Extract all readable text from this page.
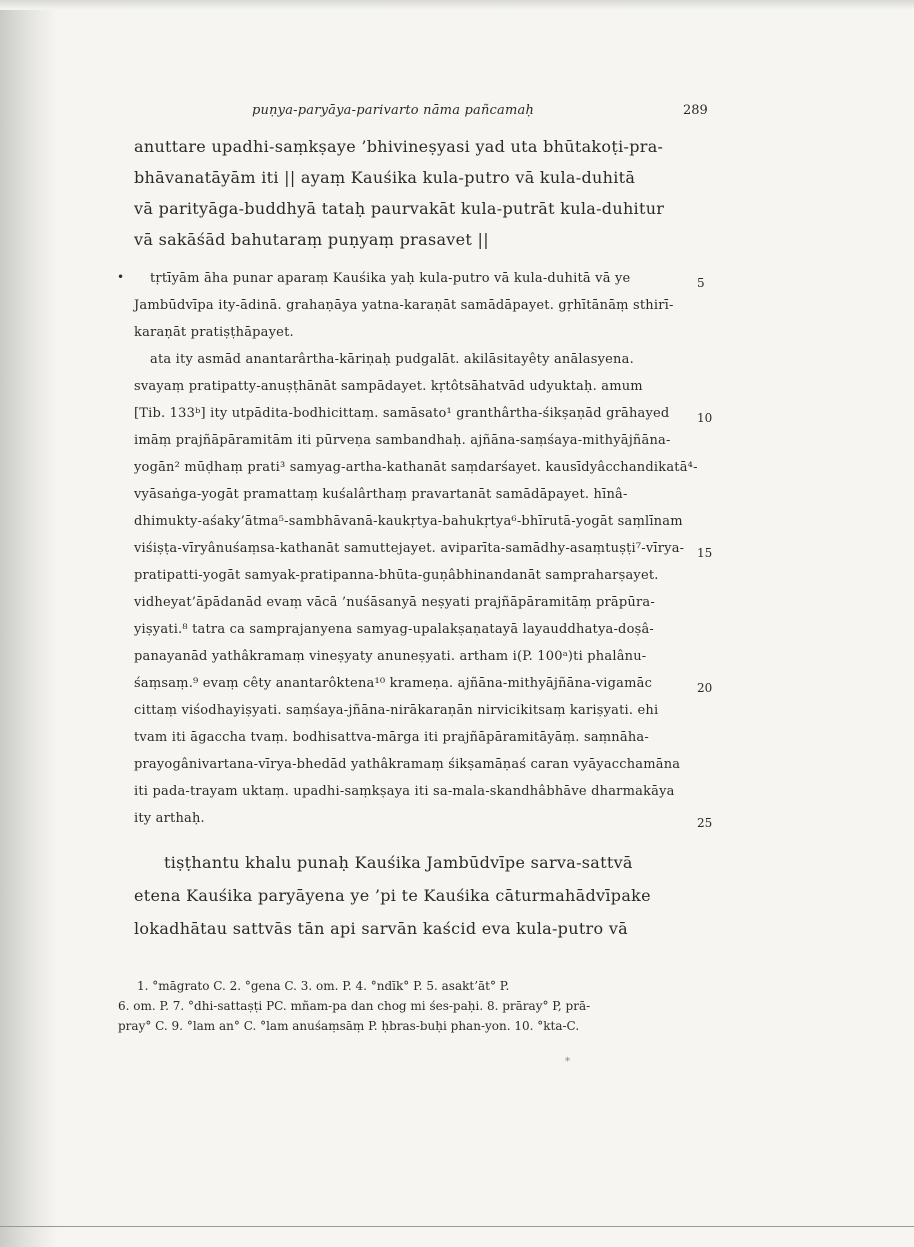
puṇya-paryāya-parivarto nāma pañcamaḥ	289
anuttare upadhi-saṃkṣaye ’bhivineṣyasi yad uta bhūtakoṭi-pra-
bhāvanatāyām iti || ayaṃ Kauśika kula-putro vā kula-duhitā
vā parityāga-buddhyā tataḥ paurvakāt kula-putrāt kula-duhitur
vā sakāśād bahutaraṃ puṇyaṃ prasavet ||
• tṛtīyām āha punar aparaṃ Kauśika yaḥ kula-putro vā kula-duhitā vā ye
Jambūdvīpa ity-ādinā. grahaṇāya yatna-karaṇāt samādāpayet. gṛhītānāṃ sthirī-
karaṇāt pratiṣṭhāpayet.
ata ity asmād anantarârtha-kāriṇaḥ pudgalāt. akilāsitayêty anālasyena.
svayaṃ pratipatty-anuṣṭhānāt sampādayet. kṛtôtsāhatvād udyuktaḥ. amum
[Tib. 133ᵇ] ity utpādita-bodhicittaṃ. samāsato¹ granthârtha-śikṣaṇād grāhayed
imāṃ prajñāpāramitām iti pūrveṇa sambandhaḥ. ajñāna-saṃśaya-mithyājñāna-
yogān² mūḍhaṃ prati³ samyag-artha-kathanāt saṃdarśayet. kausīdyâcchandikatā⁴-
vyāsaṅga-yogāt pramattaṃ kuśalârthaṃ pravartanāt samādāpayet. hīnâ-
dhimukty-aśaky’ātma⁵-sambhāvanā-kaukṛtya-bahukṛtya⁶-bhīrutā-yogāt saṃlīnam
viśiṣṭa-vīryânuśaṃsa-kathanāt samuttejayet. aviparīta-samādhy-asaṃtuṣṭi⁷-vīrya-
pratipatti-yogāt samyak-pratipanna-bhūta-guṇâbhinandanāt sampraharṣayet.
vidheyat’āpādanād evaṃ vācā ’nuśāsanyā neṣyati prajñāpāramitāṃ prāpūra-
yiṣyati.⁸ tatra ca samprajanyena samyag-upalakṣaṇatayā layauddhatya-doṣâ-
panayanād yathâkramaṃ vineṣyaty anuneṣyati. artham i(P. 100ᵃ)ti phalânu-
śaṃsaṃ.⁹ evaṃ cêty anantarôktena¹⁰ krameṇa. ajñāna-mithyājñāna-vigamāc
cittaṃ viśodhayiṣyati. saṃśaya-jñāna-nirākaraṇān nirvicikitsaṃ kariṣyati. ehi
tvam iti āgaccha tvaṃ. bodhisattva-mārga iti prajñāpāramitāyāṃ. saṃnāha-
prayogânivartana-vīrya-bhedād yathâkramaṃ śikṣamāṇaś caran vyāyacchamāna
iti pada-trayam uktaṃ. upadhi-saṃkṣaya iti sa-mala-skandhâbhāve dharmakāya
ity arthaḥ.
5
10
15
20
25
tiṣṭhantu khalu punaḥ Kauśika Jambūdvīpe sarva-sattvā
etena Kauśika paryāyena ye ’pi te Kauśika cāturmahādvīpake
lokadhātau sattvās tān api sarvān kaścid eva kula-putro vā
1. °māgrato C. 2. °gena C. 3. om. P. 4. °ndīk° P. 5. asakt’āt° P.
6. om. P. 7. °dhi-sattaṣṭi PC. mñam-pa dan chog mi śes-paḥi. 8. prāray° P, prā-
pray° C. 9. °lam an° C. °lam anuśaṃsāṃ P. ḥbras-buḥi phan-yon. 10. °kta-C.
⁎
